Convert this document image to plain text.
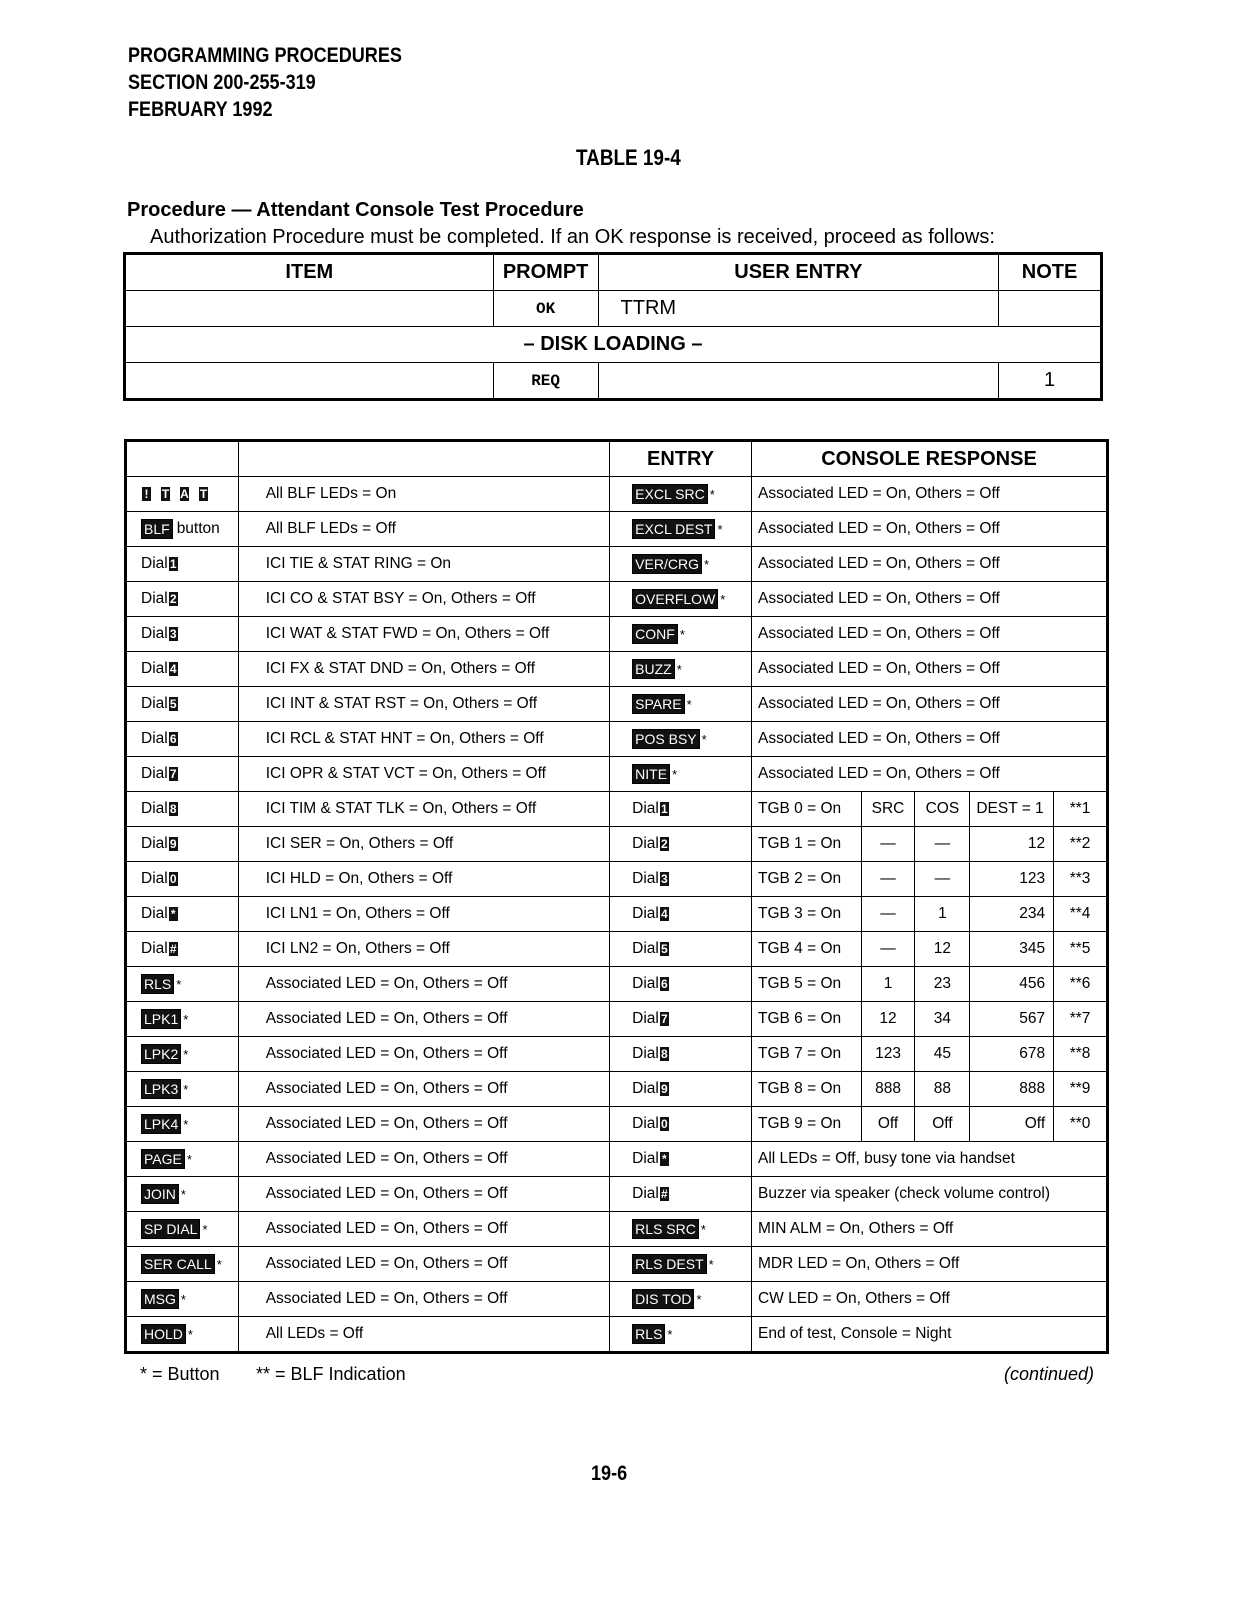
PROGRAMMING PROCEDURES
SECTION 200-255-319
FEBRUARY 1992
TABLE 19-4
Procedure — Attendant Console Test Procedure
Authorization Procedure must be completed. If an OK response is received, proceed as follows:
ITEM	PROMPT	USER ENTRY	NOTE
	OK	TTRM	
– DISK LOADING –			
	REQ		1
		ENTRY	CONSOLE RESPONSE				
! T A T	All BLF LEDs = On	EXCL SRC *	Associated LED = On, Others = Off				
BLF button	All BLF LEDs = Off	EXCL DEST *	Associated LED = On, Others = Off				
Dial 1	ICI TIE & STAT RING = On	VER/CRG *	Associated LED = On, Others = Off				
Dial 2	ICI CO & STAT BSY = On, Others = Off	OVERFLOW *	Associated LED = On, Others = Off				
Dial 3	ICI WAT & STAT FWD = On, Others = Off	CONF *	Associated LED = On, Others = Off				
Dial 4	ICI FX & STAT DND = On, Others = Off	BUZZ *	Associated LED = On, Others = Off				
Dial 5	ICI INT & STAT RST = On, Others = Off	SPARE *	Associated LED = On, Others = Off				
Dial 6	ICI RCL & STAT HNT = On, Others = Off	POS BSY *	Associated LED = On, Others = Off				
Dial 7	ICI OPR & STAT VCT = On, Others = Off	NITE *	Associated LED = On, Others = Off				
Dial 8	ICI TIM & STAT TLK = On, Others = Off	Dial 1	TGB 0 = On	SRC	COS	DEST = 1	**1
Dial 9	ICI SER = On, Others = Off	Dial 2	TGB 1 = On	—	—	12	**2
Dial 0	ICI HLD = On, Others = Off	Dial 3	TGB 2 = On	—	—	123	**3
Dial *	ICI LN1 = On, Others = Off	Dial 4	TGB 3 = On	—	1	234	**4
Dial #	ICI LN2 = On, Others = Off	Dial 5	TGB 4 = On	—	12	345	**5
RLS *	Associated LED = On, Others = Off	Dial 6	TGB 5 = On	1	23	456	**6
LPK1 *	Associated LED = On, Others = Off	Dial 7	TGB 6 = On	12	34	567	**7
LPK2 *	Associated LED = On, Others = Off	Dial 8	TGB 7 = On	123	45	678	**8
LPK3 *	Associated LED = On, Others = Off	Dial 9	TGB 8 = On	888	88	888	**9
LPK4 *	Associated LED = On, Others = Off	Dial 0	TGB 9 = On	Off	Off	Off	**0
PAGE *	Associated LED = On, Others = Off	Dial *	All LEDs = Off, busy tone via handset				
JOIN *	Associated LED = On, Others = Off	Dial #	Buzzer via speaker (check volume control)				
SP DIAL *	Associated LED = On, Others = Off	RLS SRC *	MIN ALM = On, Others = Off				
SER CALL *	Associated LED = On, Others = Off	RLS DEST *	MDR LED = On, Others = Off				
MSG *	Associated LED = On, Others = Off	DIS TOD *	CW LED = On, Others = Off				
HOLD *	All LEDs = Off	RLS *	End of test, Console = Night				
* = Button ** = BLF Indication	(continued)
19-6
